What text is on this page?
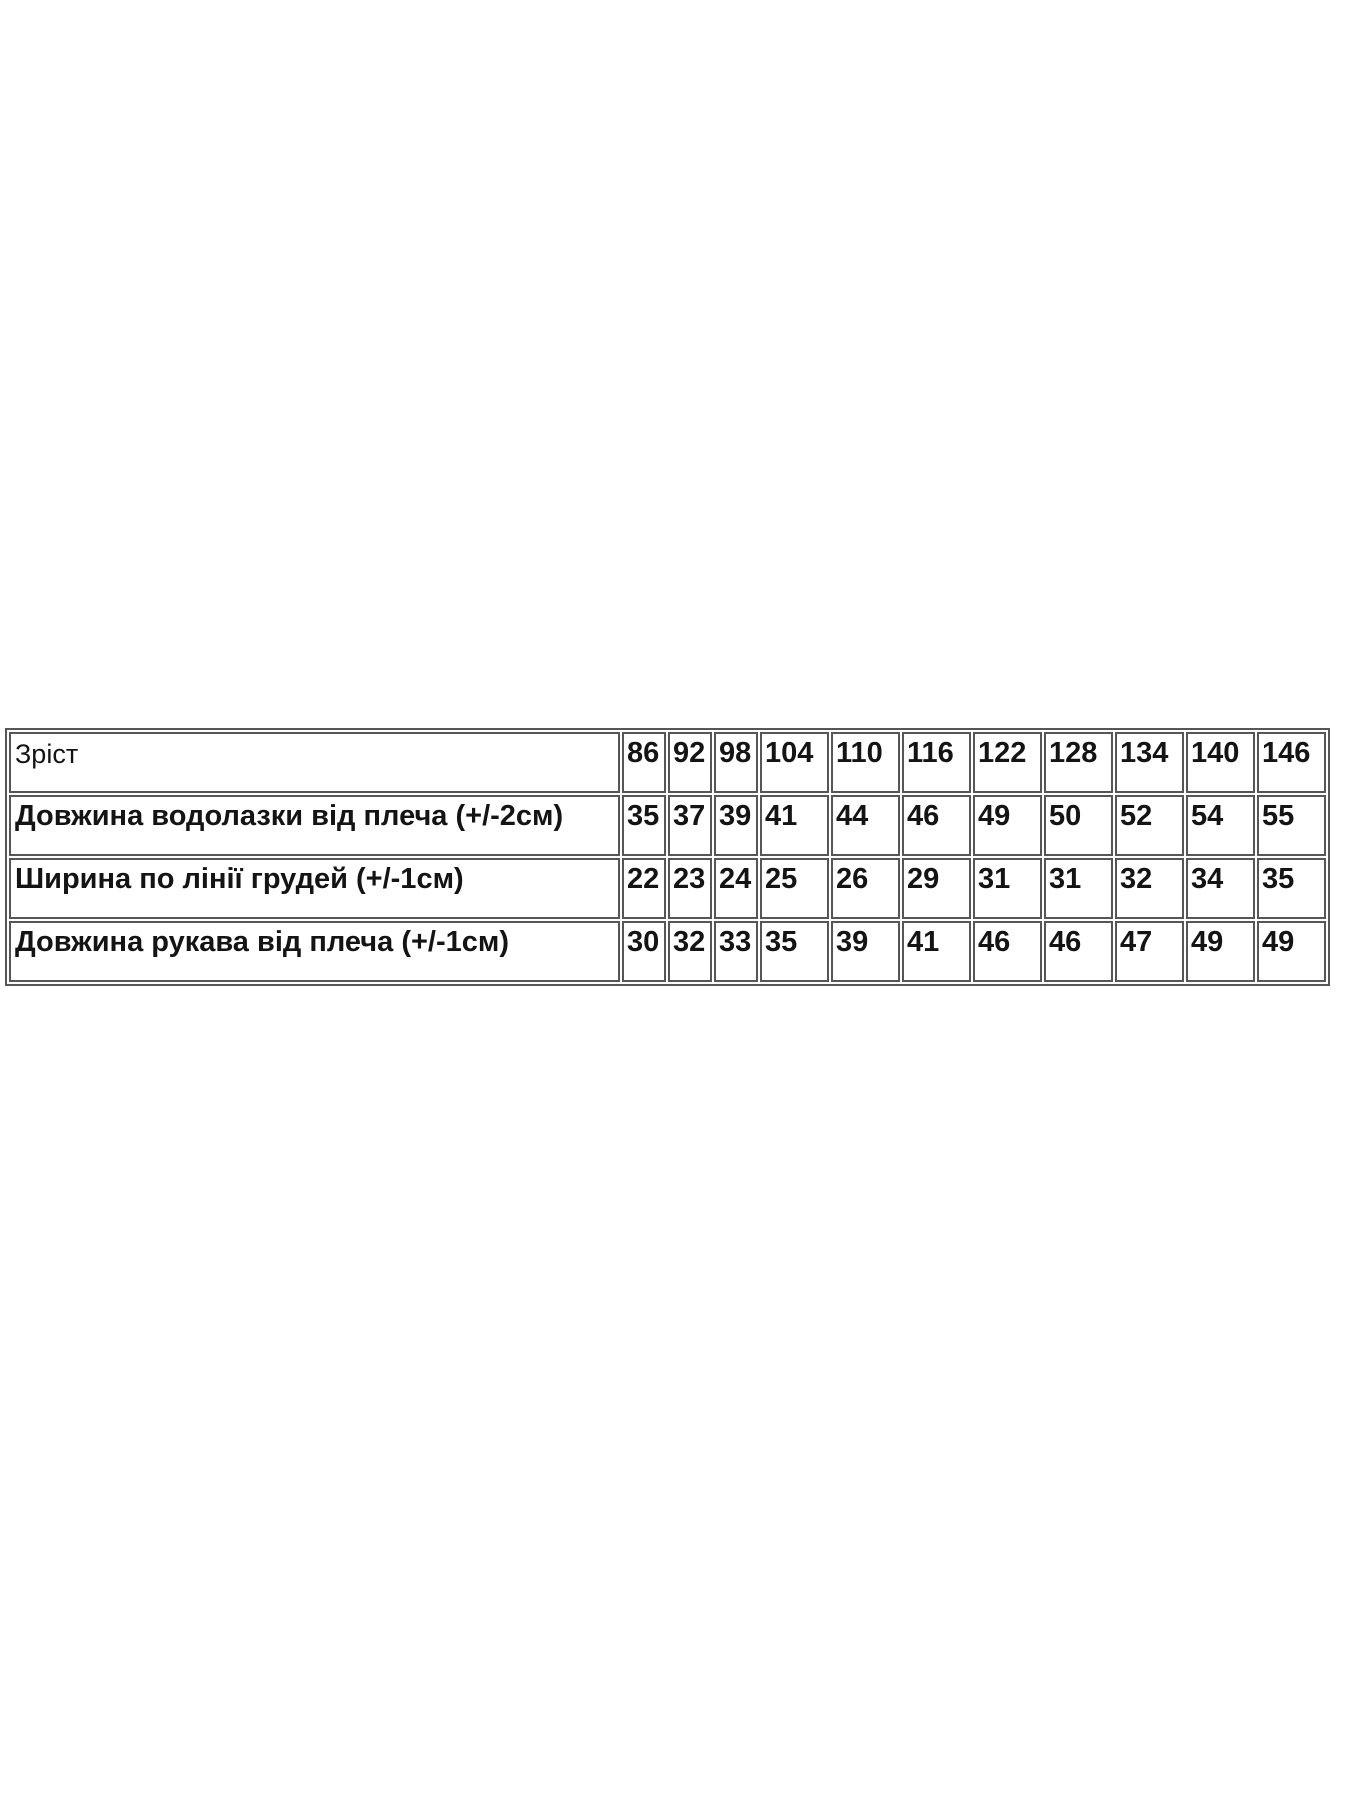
Зріст	86	92	98	104	110	116	122	128	134	140	146
Довжина водолазки від плеча (+/-2см)	35	37	39	41	44	46	49	50	52	54	55
Ширина по лінії грудей (+/-1см)	22	23	24	25	26	29	31	31	32	34	35
Довжина рукава від плеча (+/-1см)	30	32	33	35	39	41	46	46	47	49	49
